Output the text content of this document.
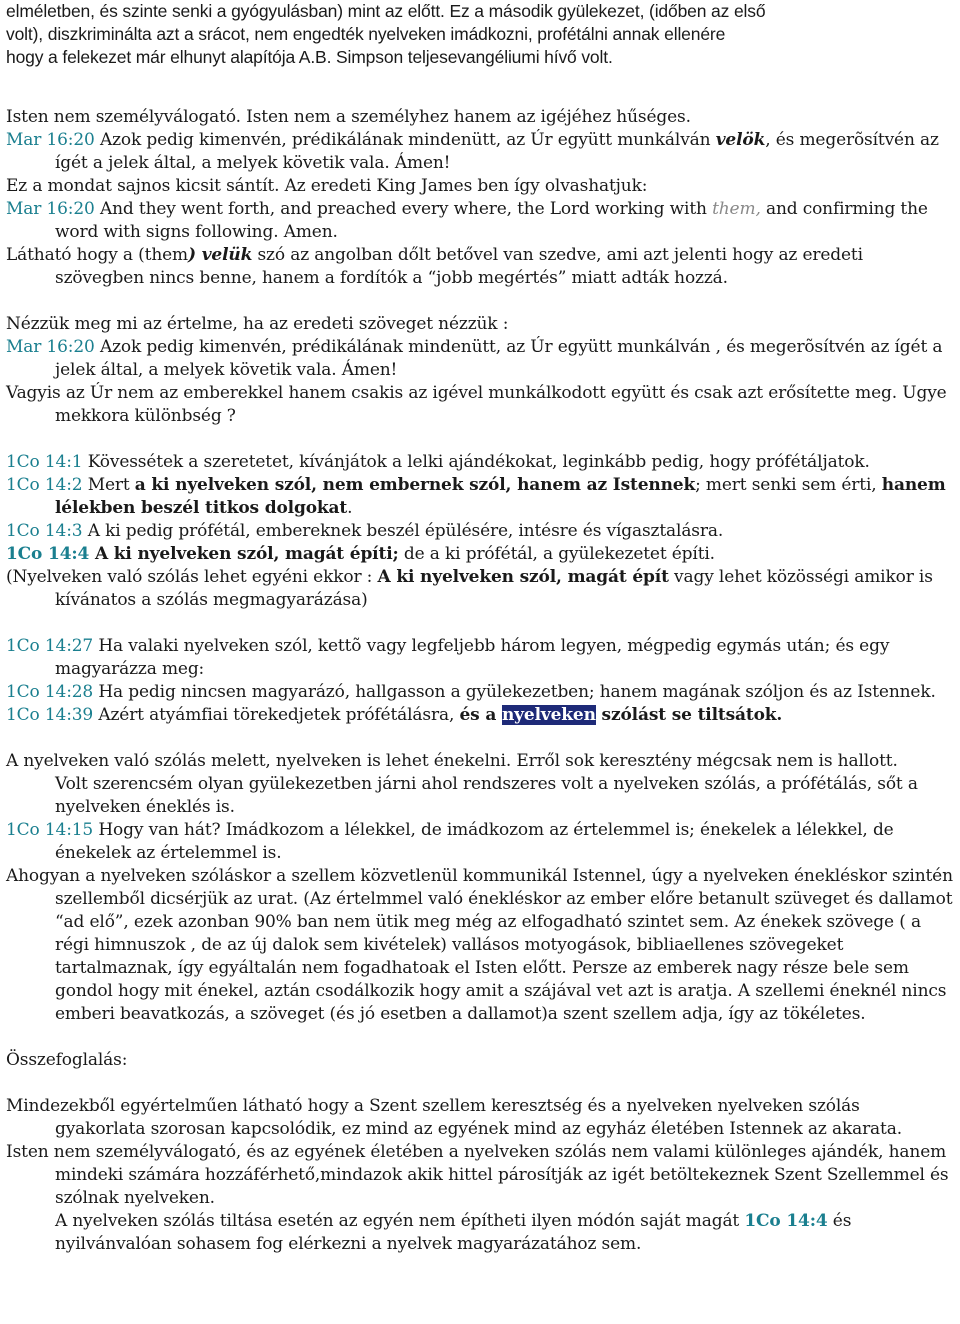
elméletben, és szinte senki a gyógyulásban) mint az előtt. Ez a második gyülekezet, (időben az első

volt), diszkriminálta azt a srácot, nem engedték nyelveken imádkozni, profétálni annak ellenére

hogy a felekezet már elhunyt alapítója A.B. Simpson teljesevangéliumi hívő volt.

Isten nem személyválogató. Isten nem a személyhez hanem az igéjéhez hűséges.

Mar 16:20 Azok pedig kimenvén, prédikálának mindenütt, az Úr együtt munkálván velök, és megerõsítvén az ígét a jelek által, a melyek követik vala. Ámen!

Ez a mondat sajnos kicsit sántít. Az eredeti King James ben így olvashatjuk:

Mar 16:20 And they went forth, and preached every where, the Lord working with them, and confirming the word with signs following. Amen.

Látható hogy a (them) velük szó az angolban dőlt betővel van szedve, ami azt jelenti hogy az eredeti szövegben nincs benne, hanem a fordítók a “jobb megértés” miatt adták hozzá.

Nézzük meg mi az értelme, ha az eredeti szöveget nézzük :

Mar 16:20 Azok pedig kimenvén, prédikálának mindenütt, az Úr együtt munkálván , és megerõsítvén az ígét a jelek által, a melyek követik vala. Ámen!

Vagyis az Úr nem az emberekkel hanem csakis az igével munkálkodott együtt és csak azt erősítette meg. Ugye mekkora különbség ?

1Co 14:1 Kövessétek a szeretetet, kívánjátok a lelki ajándékokat, leginkább pedig, hogy prófétáljatok.

1Co 14:2 Mert a ki nyelveken szól, nem embernek szól, hanem az Istennek; mert senki sem érti, hanem lélekben beszél titkos dolgokat.

1Co 14:3 A ki pedig prófétál, embereknek beszél épülésére, intésre és vígasztalásra.

1Co 14:4 A ki nyelveken szól, magát építi; de a ki prófétál, a gyülekezetet építi.

(Nyelveken való szólás lehet egyéni ekkor : A ki nyelveken szól, magát épít vagy lehet közösségi amikor is kívánatos a szólás megmagyarázása)

1Co 14:27 Ha valaki nyelveken szól, kettõ vagy legfeljebb három legyen, mégpedig egymás után; és egy magyarázza meg:

1Co 14:28 Ha pedig nincsen magyarázó, hallgasson a gyülekezetben; hanem magának szóljon és az Istennek.

1Co 14:39 Azért atyámfiai törekedjetek prófétálásra, és a nyelveken szólást se tiltsátok.

A nyelveken való szólás melett, nyelveken is lehet énekelni. Erről sok keresztény mégcsak nem is hallott.

Volt szerencsém olyan gyülekezetben járni ahol rendszeres volt a nyelveken szólás, a prófétálás, sőt a nyelveken éneklés is.

1Co 14:15 Hogy van hát? Imádkozom a lélekkel, de imádkozom az értelemmel is; énekelek a lélekkel, de énekelek az értelemmel is.

Ahogyan a nyelveken szóláskor a szellem közvetlenül kommunikál Istennel, úgy a nyelveken énekléskor szintén szellemből dicsérjük az urat. (Az értelmmel való énekléskor az ember előre betanult szüveget és dallamot “ad elő”, ezek azonban 90% ban nem ütik meg még az elfogadható szintet sem. Az énekek szövege ( a régi himnuszok , de az új dalok sem kivételek) vallásos motyogások, bibliaellenes szövegeket tartalmaznak, így egyáltalán nem fogadhatoak el Isten előtt. Persze az emberek nagy része bele sem gondol hogy mit énekel, aztán csodálkozik hogy amit a szájával vet azt is aratja. A szellemi éneknél nincs emberi beavatkozás, a szöveget (és jó esetben a dallamot)a szent szellem adja, így az tökéletes.

Összefoglalás:

Mindezekből egyértelműen látható hogy a Szent szellem keresztség és a nyelveken nyelveken szólás gyakorlata szorosan kapcsolódik, ez mind az egyének mind az egyház életében Istennek az akarata.

Isten nem személyválogató, és az egyének életében a nyelveken szólás nem valami különleges ajándék, hanem mindeki számára hozzáférhető,mindazok akik hittel párosítják az igét betöltekeznek Szent Szellemmel és szólnak nyelveken.

A nyelveken szólás tiltása esetén az egyén nem építheti ilyen módón saját magát 1Co 14:4 és nyilvánvalóan sohasem fog elérkezni a nyelvek magyarázatához sem.
